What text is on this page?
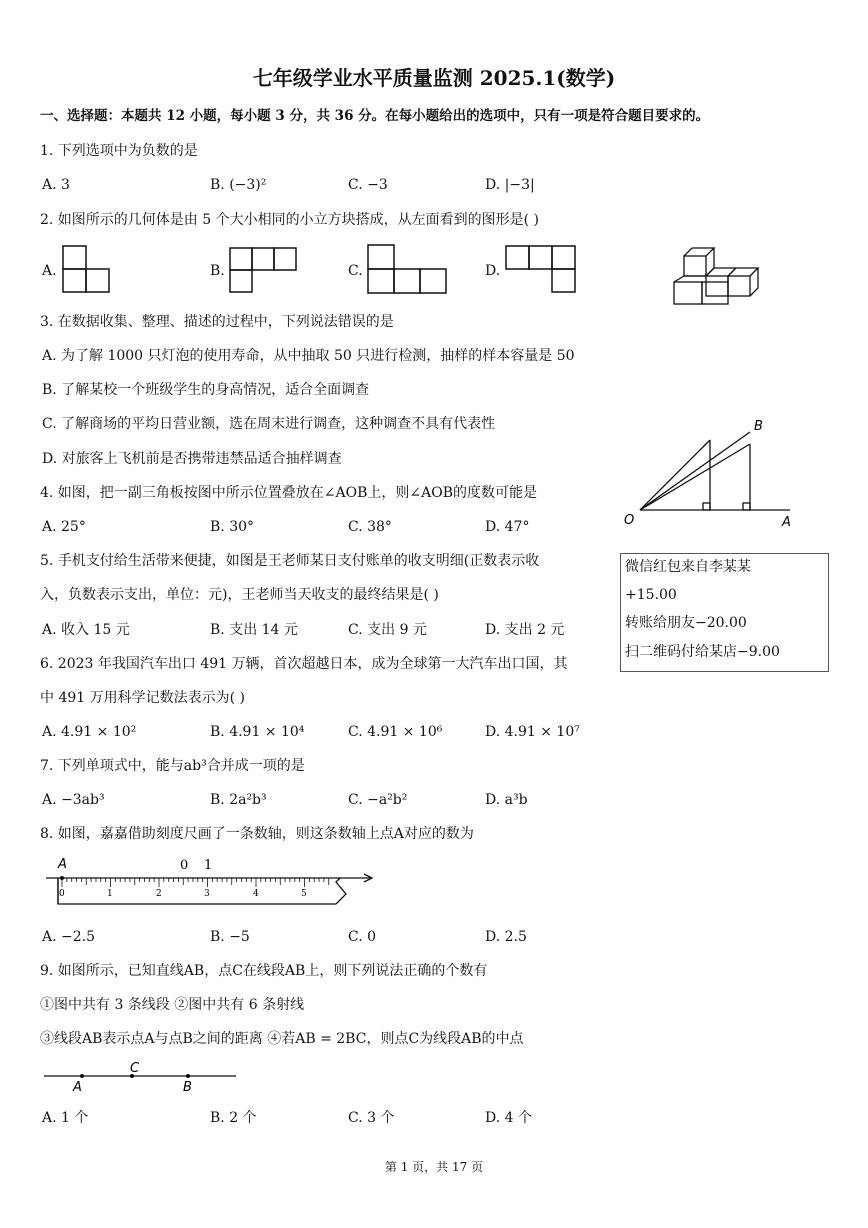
七年级学业水平质量监测 2025.1(数学)
一、选择题：本题共 12 小题，每小题 3 分，共 36 分。在每小题给出的选项中，只有一项是符合题目要求的。
1. 下列选项中为负数的是
A. 3	B. (−3)²	C. −3	D. |−3|
2. 如图所示的几何体是由 5 个大小相同的小立方块搭成，从左面看到的图形是( )
A.	B.	C.	D.
3. 在数据收集、整理、描述的过程中，下列说法错误的是
A. 为了解 1000 只灯泡的使用寿命，从中抽取 50 只进行检测，抽样的样本容量是 50
B. 了解某校一个班级学生的身高情况，适合全面调查
C. 了解商场的平均日营业额，选在周末进行调查，这种调查不具有代表性
D. 对旅客上飞机前是否携带违禁品适合抽样调查
4. 如图，把一副三角板按图中所示位置叠放在∠AOB上，则∠AOB的度数可能是
A. 25°	B. 30°	C. 38°	D. 47°
B
O	A
5. 手机支付给生活带来便捷，如图是王老师某日支付账单的收支明细(正数表示收
入，负数表示支出，单位：元)，王老师当天收支的最终结果是( )
A. 收入 15 元	B. 支出 14 元	C. 支出 9 元	D. 支出 2 元
微信红包来自李某某
+15.00
转账给朋友−20.00
扫二维码付给某店−9.00
6. 2023 年我国汽车出口 491 万辆，首次超越日本，成为全球第一大汽车出口国，其
中 491 万用科学记数法表示为( )
A. 4.91 × 10²	B. 4.91 × 10⁴	C. 4.91 × 10⁶	D. 4.91 × 10⁷
7. 下列单项式中，能与ab³合并成一项的是
A. −3ab³	B. 2a²b³	C. −a²b²	D. a³b
8. 如图，嘉嘉借助刻度尺画了一条数轴，则这条数轴上点A对应的数为
A	0 1
0	1	2	3	4	5
A. −2.5	B. −5	C. 0	D. 2.5
9. 如图所示，已知直线AB，点C在线段AB上，则下列说法正确的个数有
①图中共有 3 条线段 ②图中共有 6 条射线
③线段AB表示点A与点B之间的距离 ④若AB = 2BC，则点C为线段AB的中点
C
A	B
A. 1 个	B. 2 个	C. 3 个	D. 4 个
第 1 页，共 17 页
